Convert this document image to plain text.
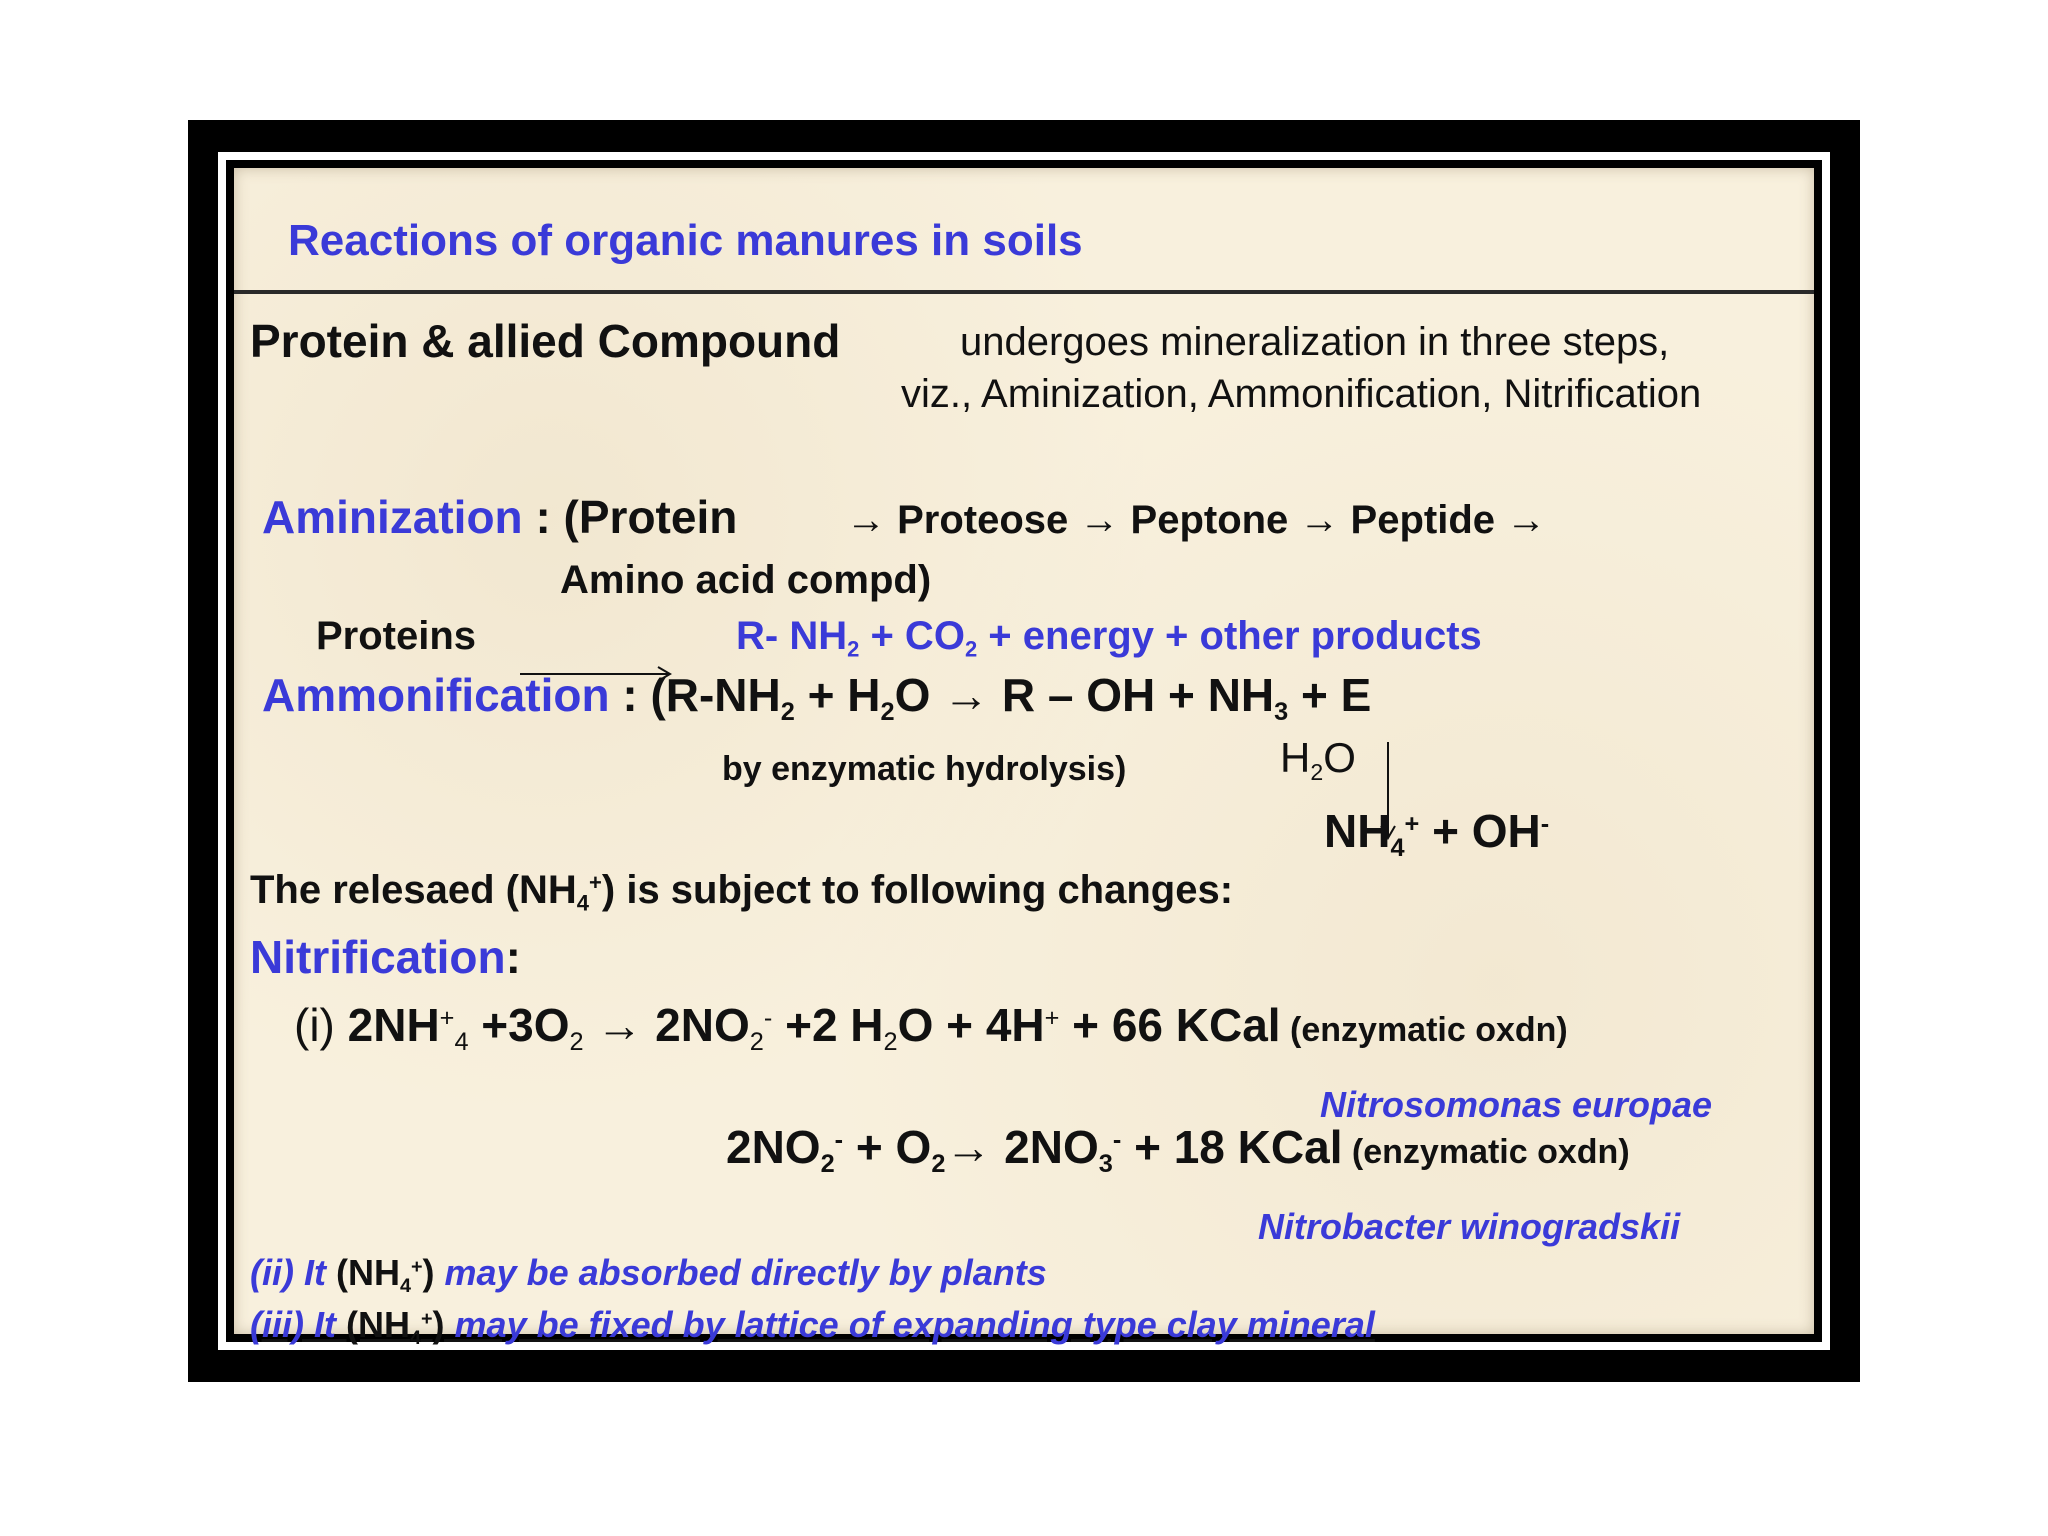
Reactions of organic manures in soils
Protein & allied Compound	undergoes mineralization in three steps,
viz., Aminization, Ammonification, Nitrification
Aminization : (Protein	→ Proteose → Peptone → Peptide →
Amino acid compd)
Proteins	R- $NH_2 + CO_2$ + energy + other products
Ammonification : ($R-NH_2 + H_2O \to R$ – OH + $NH_3 + E$
by enzymatic hydrolysis)	$H_2O$
$NH_4^+ + OH^-$
The relesaed $(NH_4^+)$ is subject to following changes:
Nitrification:
(i) $2NH^+_4 +3O_2 \to 2NO_2^- +2$ $H_2O + 4H^+ + 66$ KCal (enzymatic oxdn)
Nitrosomonas europae
$2NO_2^- + O_2\to 2NO_3^- + 18$ KCal (enzymatic oxdn)
Nitrobacter winogradskii
(ii) It $(NH_4^+)$ may be absorbed directly by plants
(iii) It $(NH_4^+)$ may be fixed by lattice of expanding type clay mineral
